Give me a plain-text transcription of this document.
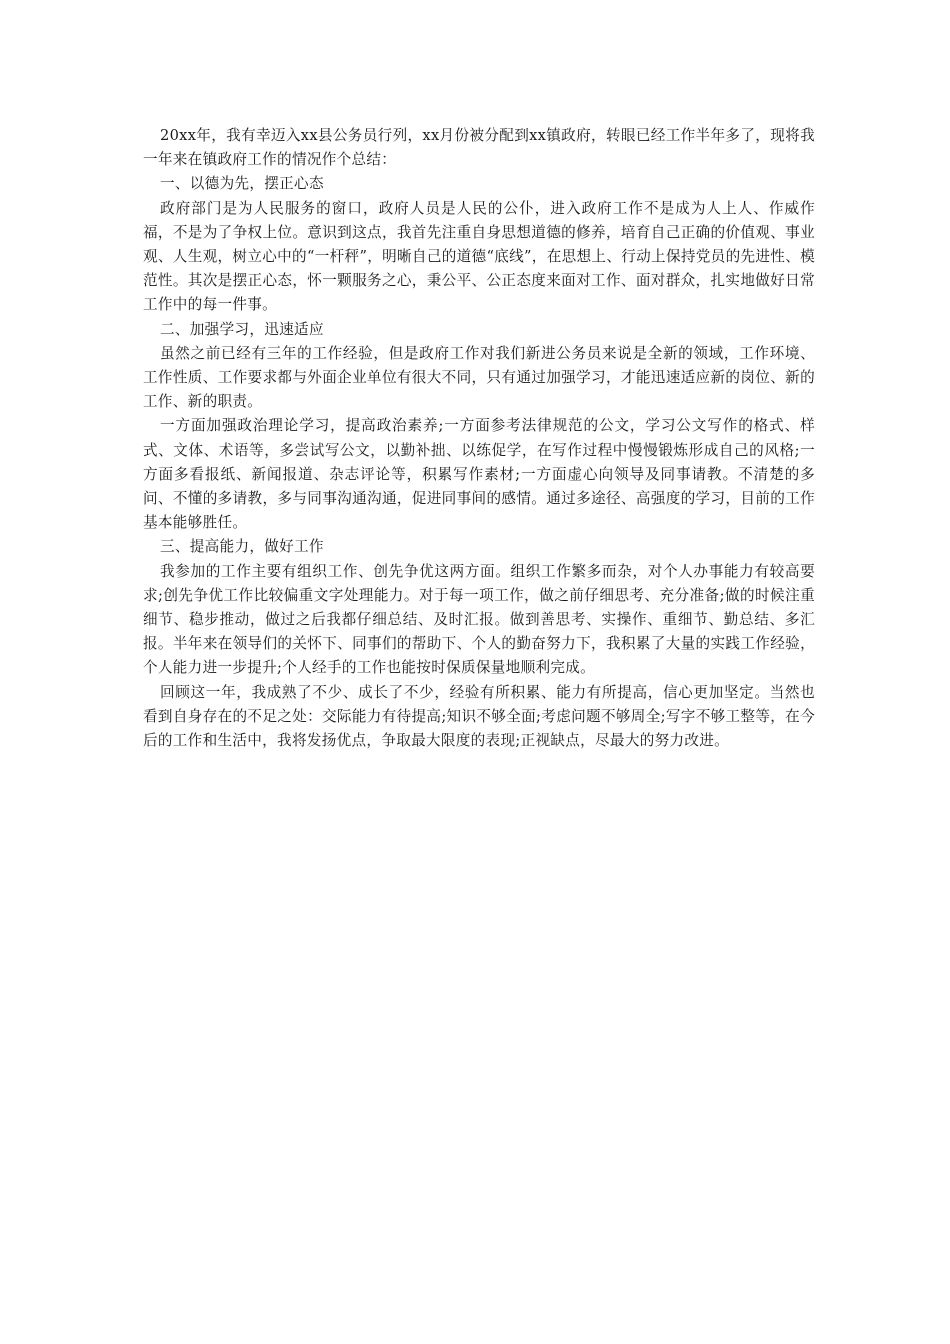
20xx年，我有幸迈入xx县公务员行列，xx月份被分配到xx镇政府，转眼已经工作半年多了，现将我一年来在镇政府工作的情况作个总结：

一、以德为先，摆正心态

政府部门是为人民服务的窗口，政府人员是人民的公仆，进入政府工作不是成为人上人、作威作福，不是为了争权上位。意识到这点，我首先注重自身思想道德的修养，培育自己正确的价值观、事业观、人生观，树立心中的“一杆秤”，明晰自己的道德“底线”，在思想上、行动上保持党员的先进性、模范性。其次是摆正心态，怀一颗服务之心，秉公平、公正态度来面对工作、面对群众，扎实地做好日常工作中的每一件事。

二、加强学习，迅速适应

虽然之前已经有三年的工作经验，但是政府工作对我们新进公务员来说是全新的领域，工作环境、工作性质、工作要求都与外面企业单位有很大不同，只有通过加强学习，才能迅速适应新的岗位、新的工作、新的职责。

一方面加强政治理论学习，提高政治素养;一方面参考法律规范的公文，学习公文写作的格式、样式、文体、术语等，多尝试写公文，以勤补拙、以练促学，在写作过程中慢慢锻炼形成自己的风格;一方面多看报纸、新闻报道、杂志评论等，积累写作素材;一方面虚心向领导及同事请教。不清楚的多问、不懂的多请教，多与同事沟通沟通，促进同事间的感情。通过多途径、高强度的学习，目前的工作基本能够胜任。

三、提高能力，做好工作

我参加的工作主要有组织工作、创先争优这两方面。组织工作繁多而杂，对个人办事能力有较高要求;创先争优工作比较偏重文字处理能力。对于每一项工作，做之前仔细思考、充分准备;做的时候注重细节、稳步推动，做过之后我都仔细总结、及时汇报。做到善思考、实操作、重细节、勤总结、多汇报。半年来在领导们的关怀下、同事们的帮助下、个人的勤奋努力下，我积累了大量的实践工作经验，个人能力进一步提升;个人经手的工作也能按时保质保量地顺利完成。

回顾这一年，我成熟了不少、成长了不少，经验有所积累、能力有所提高，信心更加坚定。当然也看到自身存在的不足之处：交际能力有待提高;知识不够全面;考虑问题不够周全;写字不够工整等，在今后的工作和生活中，我将发扬优点，争取最大限度的表现;正视缺点，尽最大的努力改进。
